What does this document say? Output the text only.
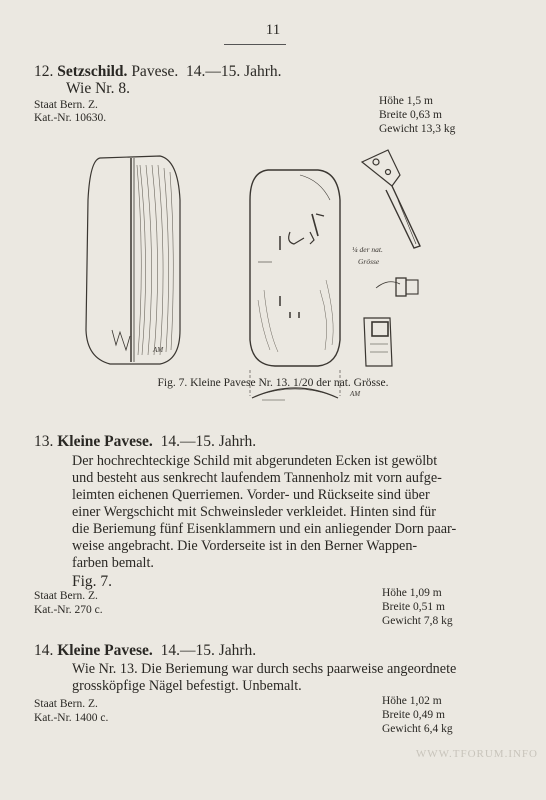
11
12. Setzschild. Pavese.  14.—15. Jahrh.
Wie Nr. 8.
Staat Bern. Z.
Kat.-Nr. 10630.
Höhe 1,5 m
Breite 0,63 m
Gewicht 13,3 kg
AM
AM
¼ der nat.
Grösse
Fig. 7. Kleine Pavese Nr. 13. 1/20 der nat. Grösse.
13. Kleine Pavese.  14.—15. Jahrh.
Der hochrechteckige Schild mit abgerundeten Ecken ist gewölbt
und besteht aus senkrecht laufendem Tannenholz mit vorn aufge-
leimten eichenen Querriemen. Vorder- und Rückseite sind über
einer Wergschicht mit Schweinsleder verkleidet. Hinten sind für
die Beriemung fünf Eisenklammern und ein anliegender Dorn paar-
weise angebracht. Die Vorderseite ist in den Berner Wappen-
farben bemalt.
Fig. 7.
Staat Bern. Z.
Kat.-Nr. 270 c.
Höhe 1,09 m
Breite 0,51 m
Gewicht 7,8 kg
14. Kleine Pavese.  14.—15. Jahrh.
Wie Nr. 13. Die Beriemung war durch sechs paarweise angeordnete
grossköpfige Nägel befestigt. Unbemalt.
Staat Bern. Z.
Kat.-Nr. 1400 c.
Höhe 1,02 m
Breite 0,49 m
Gewicht 6,4 kg
WWW.TFORUM.INFO
